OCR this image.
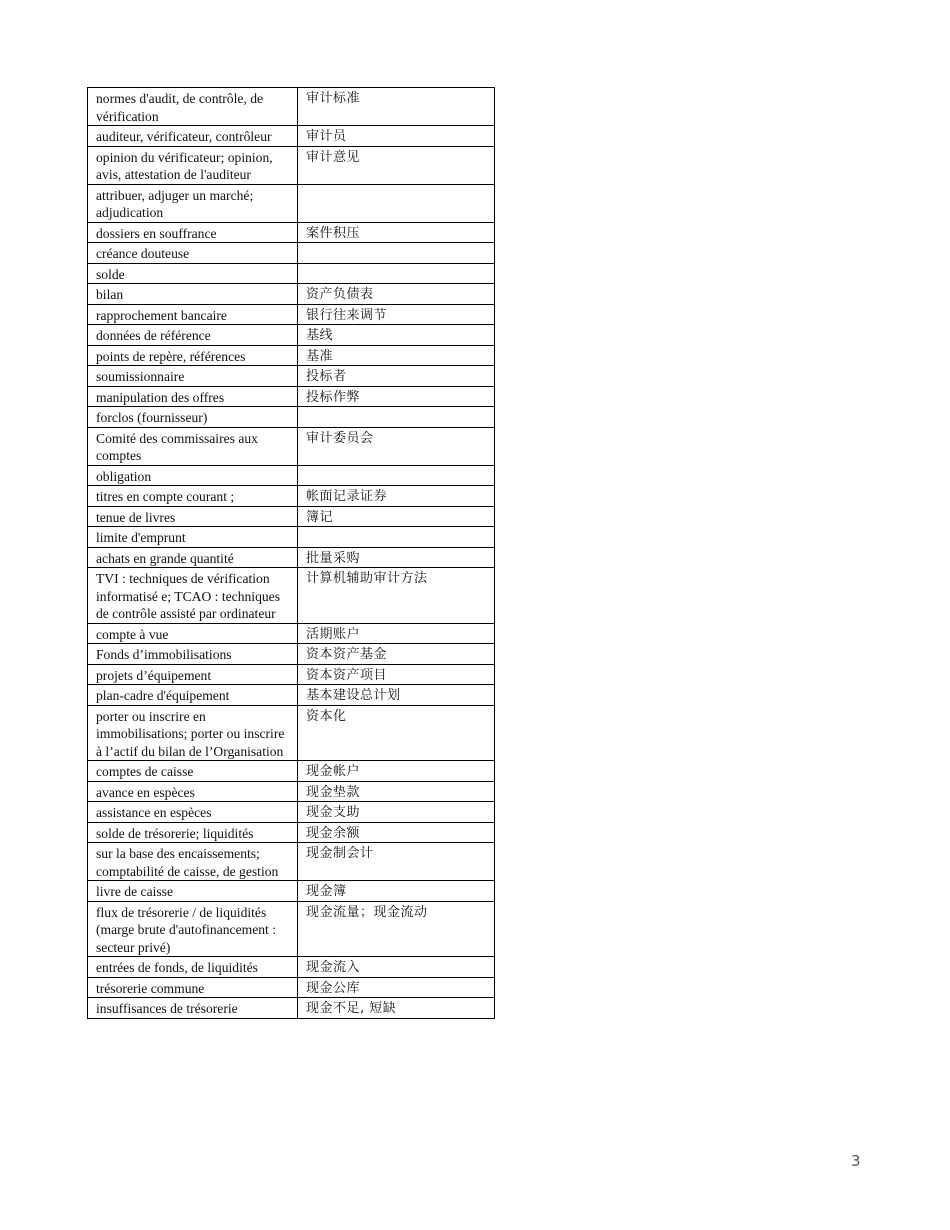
normes d'audit, de contrôle, de vérification	审计标准
auditeur, vérificateur, contrôleur	审计员
opinion du vérificateur; opinion, avis, attestation de l'auditeur	审计意见
attribuer, adjuger un marché; adjudication	
dossiers en souffrance	案件积压
créance douteuse	
solde	
bilan	资产负债表
rapprochement bancaire	银行往来调节
données de référence	基线
points de repère, références	基准
soumissionnaire	投标者
manipulation des offres	投标作弊
forclos (fournisseur)	
Comité des commissaires aux comptes	审计委员会
obligation	
titres en compte courant ;	帐面记录证券
tenue de livres	簿记
limite d'emprunt	
achats en grande quantité	批量采购
TVI : techniques de vérification informatisé e; TCAO : techniques de contrôle assisté par ordinateur	计算机辅助审计方法
compte à vue	活期账户
Fonds d’immobilisations	资本资产基金
projets d’équipement	资本资产项目
plan-cadre d'équipement	基本建设总计划
porter ou inscrire en immobilisations; porter ou inscrire à l’actif du bilan de l’Organisation	资本化
comptes de caisse	现金帐户
avance en espèces	现金垫款
assistance en espèces	现金支助
solde de trésorerie; liquidités	现金余额
sur la base des encaissements; comptabilité de caisse, de gestion	现金制会计
livre de caisse	现金簿
flux de trésorerie / de liquidités (marge brute d'autofinancement : secteur privé)	现金流量；现金流动
entrées de fonds, de liquidités	现金流入
trésorerie commune	现金公库
insuffisances de trésorerie	现金不足, 短缺
3
